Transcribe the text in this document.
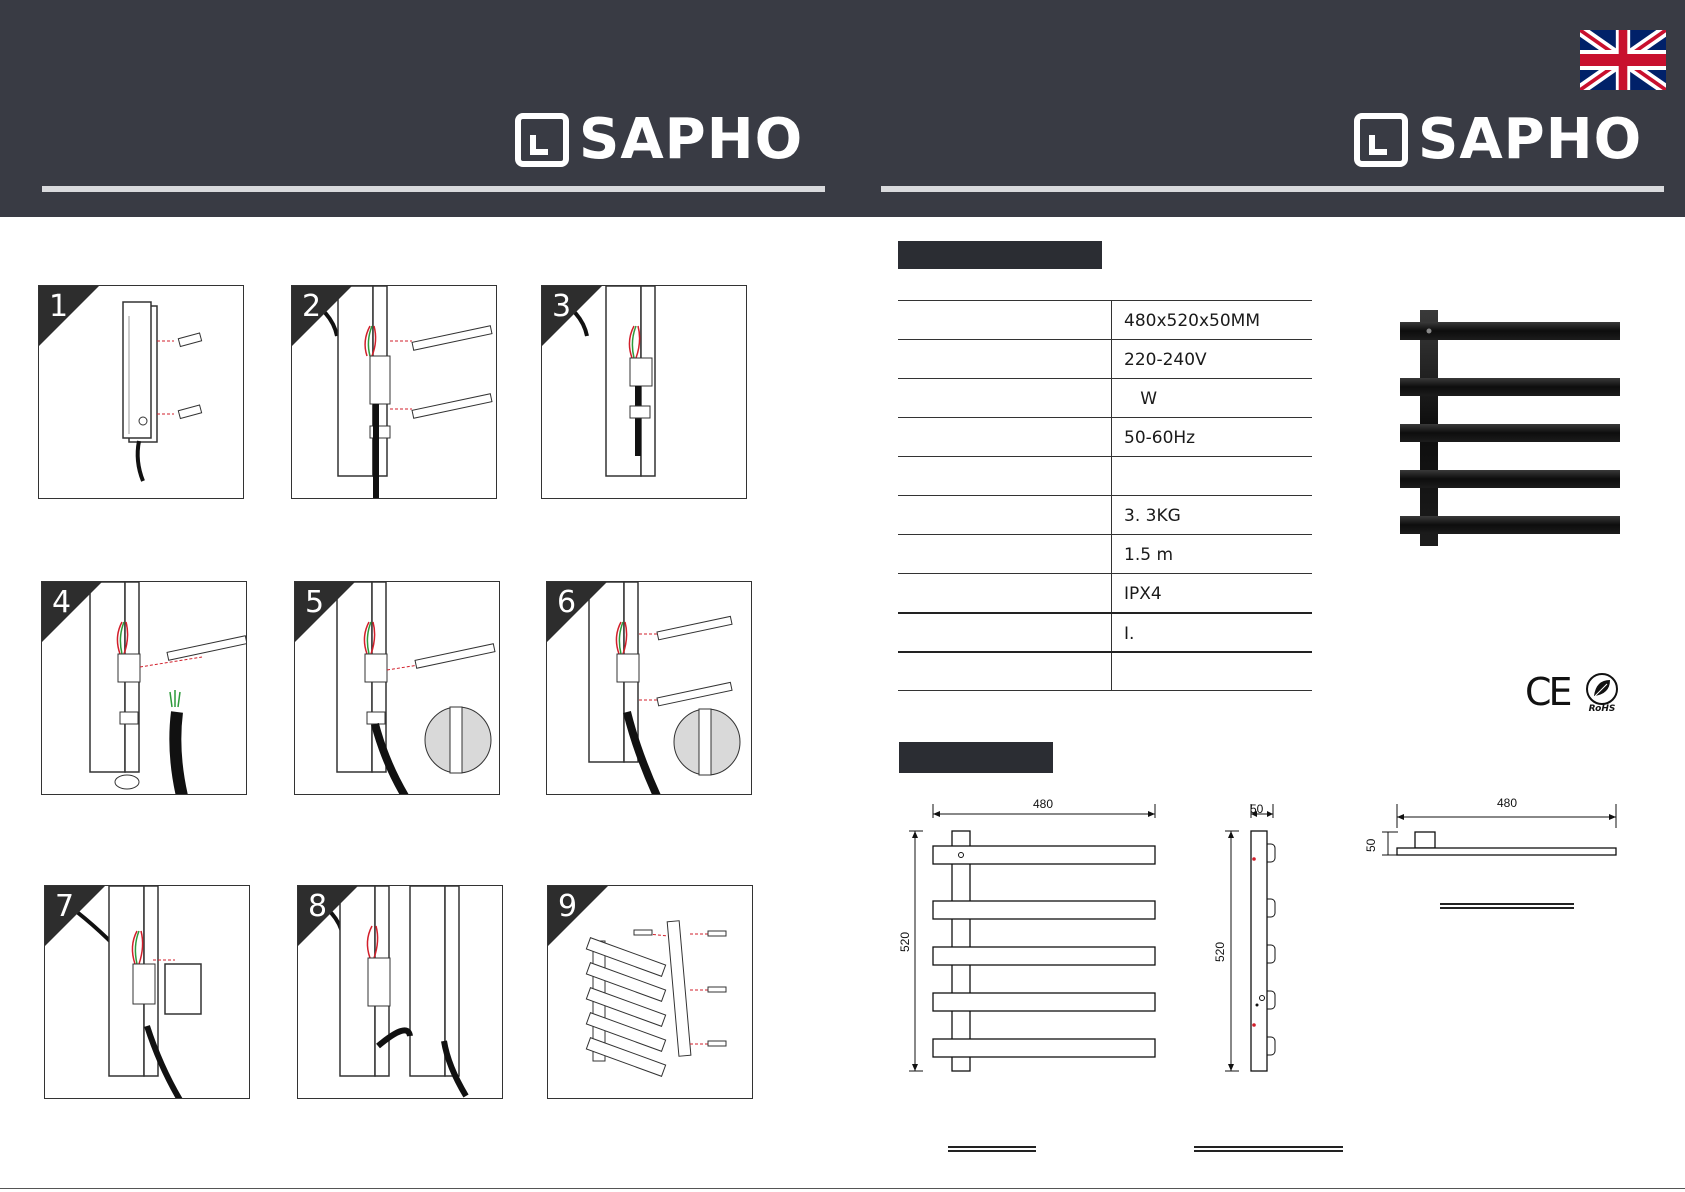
SAPHO	SAPHO
1	2	3
4	5	6
7	8	9
480x520x50MM
220-240V
W
50-60Hz
3. 3KG
1.5 m
IPX4
I.
CE RoHS
480
520
50
520
480
50
